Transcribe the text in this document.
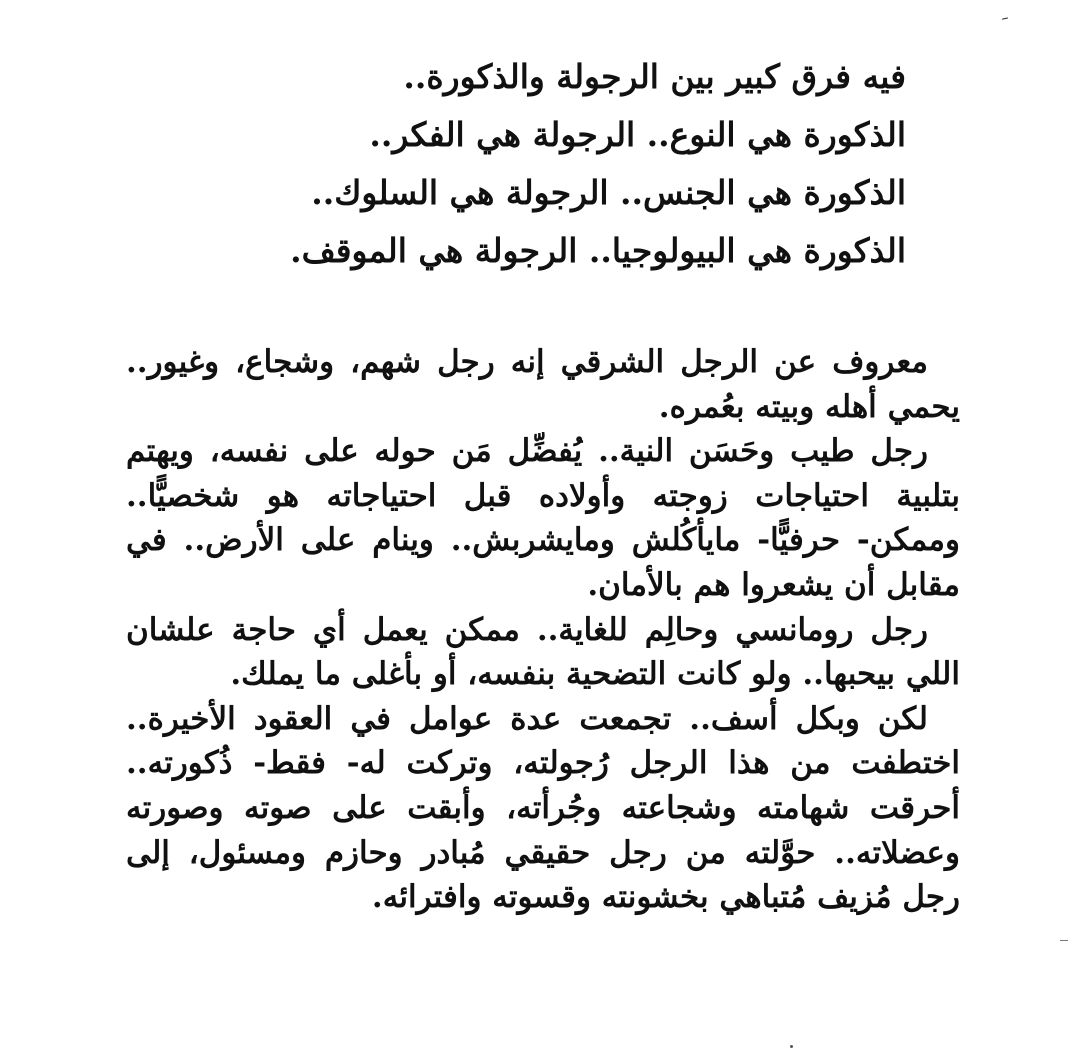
فيه فرق كبير بين الرجولة والذكورة..
الذكورة هي النوع.. الرجولة هي الفكر..
الذكورة هي الجنس.. الرجولة هي السلوك..
الذكورة هي البيولوجيا.. الرجولة هي الموقف.
معروف عن الرجل الشرقي إنه رجل شهم، وشجاع، وغيور..
يحمي أهله وبيته بعُمره.
رجل طيب وحَسَن النية.. يُفضِّل مَن حوله على نفسه، ويهتم
بتلبية احتياجات زوجته وأولاده قبل احتياجاته هو شخصيًّا..
وممكن- حرفيًّا- مايأكُلش ومايشربش.. وينام على الأرض.. في
مقابل أن يشعروا هم بالأمان.
رجل رومانسي وحالِم للغاية.. ممكن يعمل أي حاجة علشان
اللي بيحبها.. ولو كانت التضحية بنفسه، أو بأغلى ما يملك.
لكن وبكل أسف.. تجمعت عدة عوامل في العقود الأخيرة..
اختطفت من هذا الرجل رُجولته، وتركت له- فقط- ذُكورته..
أحرقت شهامته وشجاعته وجُرأته، وأبقت على صوته وصورته
وعضلاته.. حوَّلته من رجل حقيقي مُبادر وحازم ومسئول، إلى
رجل مُزيف مُتباهي بخشونته وقسوته وافترائه.
